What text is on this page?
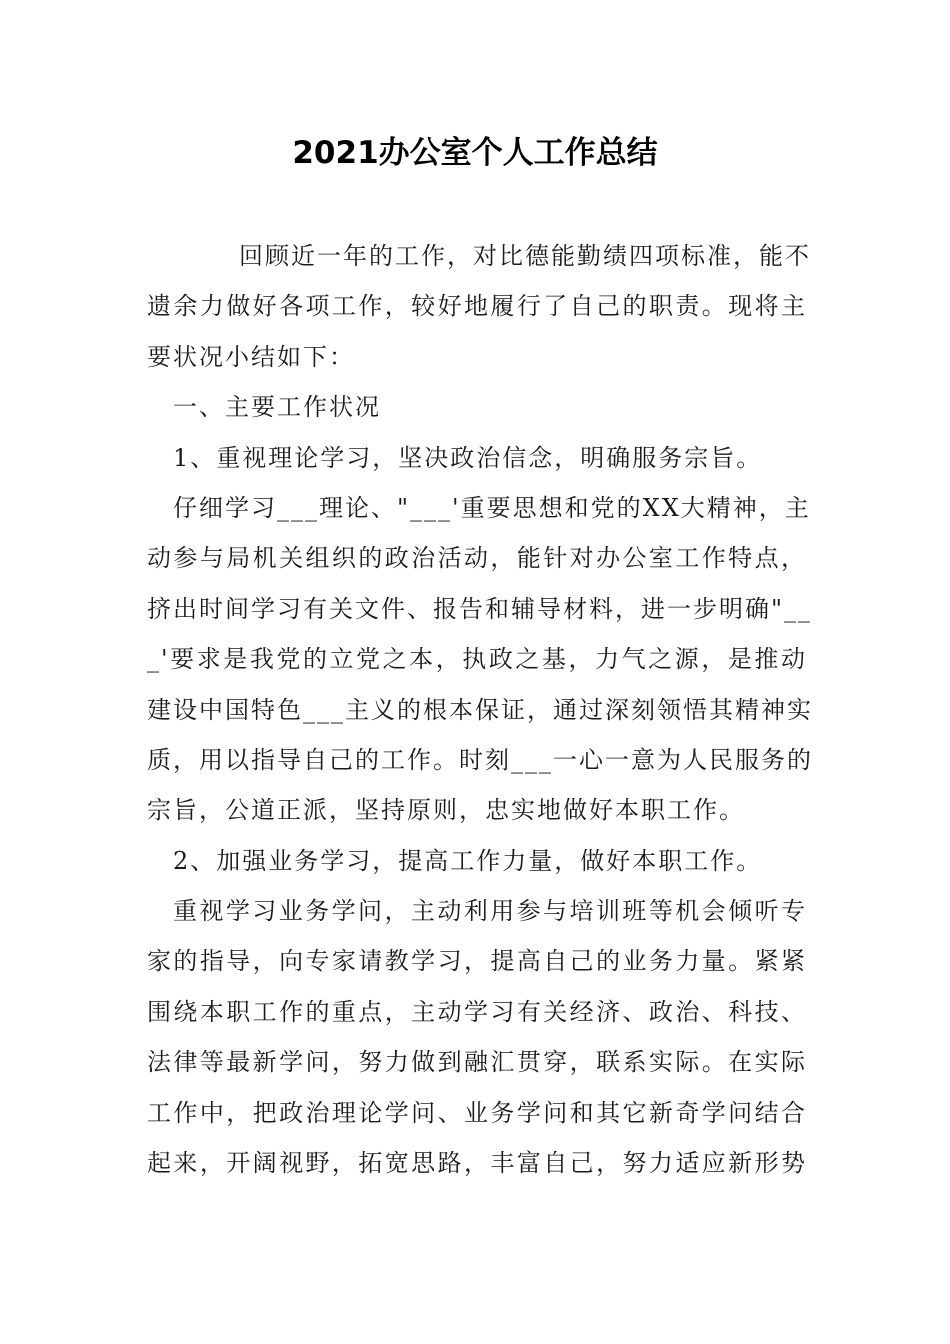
2021办公室个人工作总结
回顾近一年的工作，对比德能勤绩四项标准，能不
遗余力做好各项工作，较好地履行了自己的职责。现将主
要状况小结如下：
一、主要工作状况
1、重视理论学习，坚决政治信念，明确服务宗旨。
仔细学习___理论、"___'重要思想和党的XX大精神，主
动参与局机关组织的政治活动，能针对办公室工作特点，
挤出时间学习有关文件、报告和辅导材料，进一步明确"__
_'要求是我党的立党之本，执政之基，力气之源，是推动
建设中国特色___主义的根本保证，通过深刻领悟其精神实
质，用以指导自己的工作。时刻___一心一意为人民服务的
宗旨，公道正派，坚持原则，忠实地做好本职工作。
2、加强业务学习，提高工作力量，做好本职工作。
重视学习业务学问，主动利用参与培训班等机会倾听专
家的指导，向专家请教学习，提高自己的业务力量。紧紧
围绕本职工作的重点，主动学习有关经济、政治、科技、
法律等最新学问，努力做到融汇贯穿，联系实际。在实际
工作中，把政治理论学问、业务学问和其它新奇学问结合
起来，开阔视野，拓宽思路，丰富自己，努力适应新形势
